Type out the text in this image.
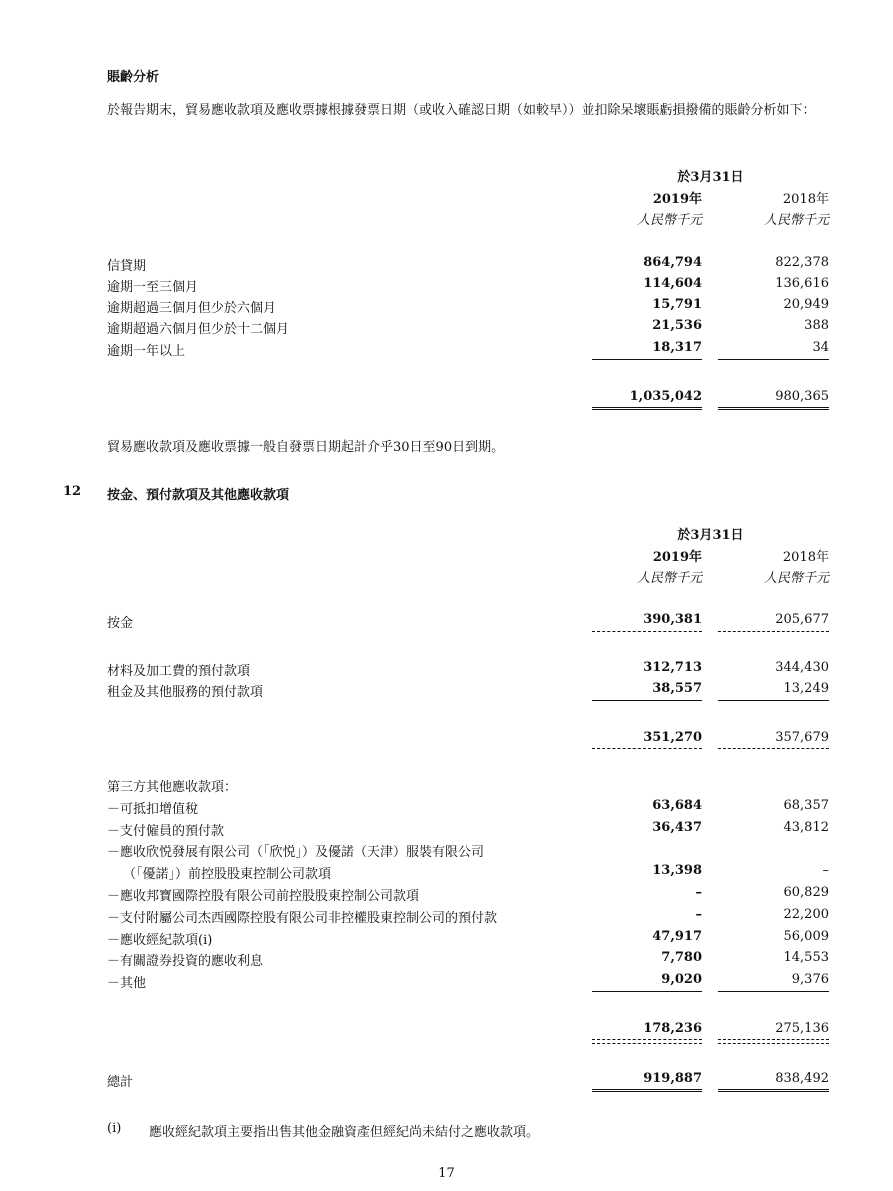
賬齡分析
於報告期末，貿易應收款項及應收票據根據發票日期（或收入確認日期（如較早））並扣除呆壞賬虧損撥備的賬齡分析如下：
於3月31日
2019年	2018年
人民幣千元	人民幣千元
信貸期	864,794	822,378
逾期一至三個月	114,604	136,616
逾期超過三個月但少於六個月	15,791	20,949
逾期超過六個月但少於十二個月	21,536	388
逾期一年以上	18,317	34
1,035,042	980,365
貿易應收款項及應收票據一般自發票日期起計介乎30日至90日到期。
12 按金、預付款項及其他應收款項
於3月31日
2019年	2018年
人民幣千元	人民幣千元
按金	390,381	205,677
材料及加工費的預付款項	312,713	344,430
租金及其他服務的預付款項	38,557	13,249
351,270	357,679
第三方其他應收款項：
－可抵扣增值稅	63,684	68,357
－支付僱員的預付款	36,437	43,812
－應收欣悦發展有限公司（「欣悦」）及優諾（天津）服裝有限公司
（「優諾」）前控股股東控制公司款項	13,398	–
－應收邦寶國際控股有限公司前控股股東控制公司款項	–	60,829
－支付附屬公司杰西國際控股有限公司非控權股東控制公司的預付款	–	22,200
－應收經紀款項(i)	47,917	56,009
－有關證券投資的應收利息	7,780	14,553
－其他	9,020	9,376
178,236	275,136
總計	919,887	838,492
(i) 應收經紀款項主要指出售其他金融資產但經紀尚未結付之應收款項。
17
